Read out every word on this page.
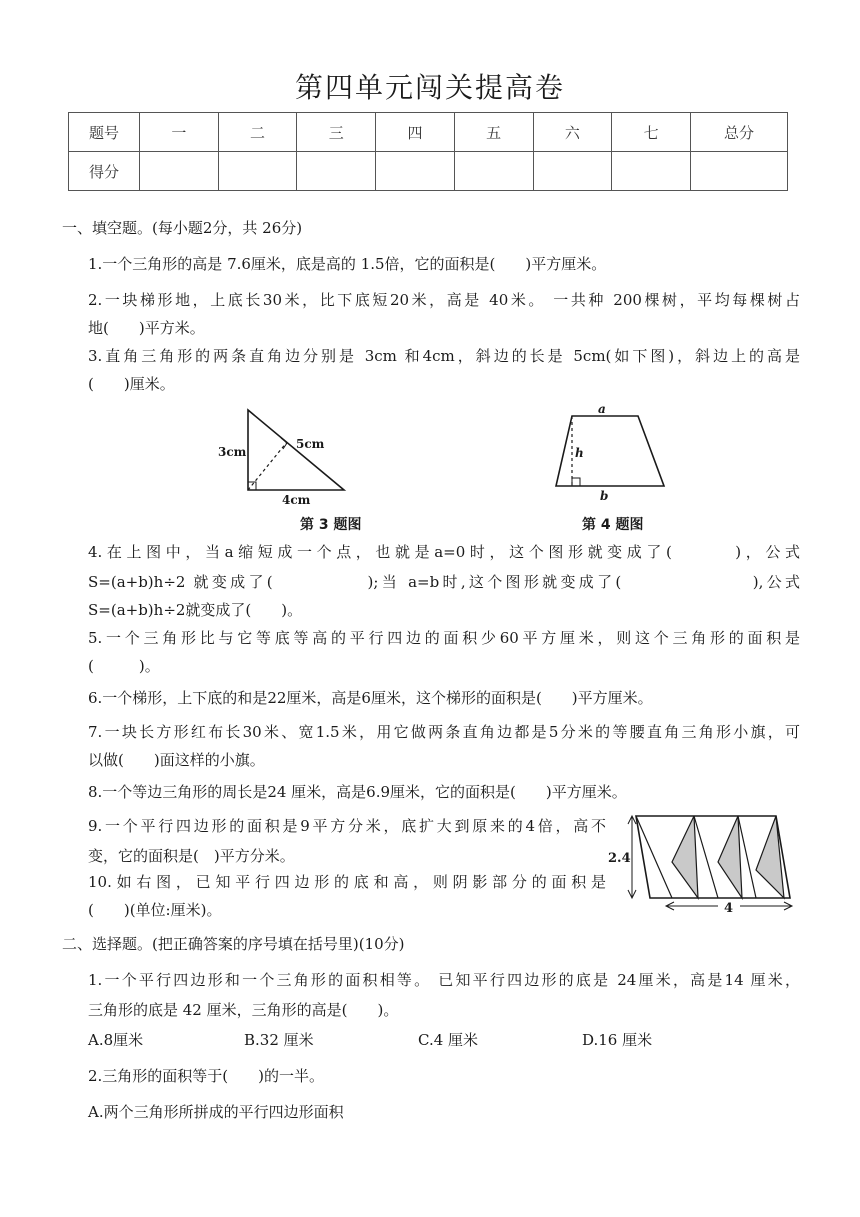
第四单元闯关提高卷
题号	一	二	三	四	五	六	七	总分
得分								
一、填空题。(每小题2分，共 26分)
1.一个三角形的高是 7.6厘米，底是高的 1.5倍，它的面积是(　　)平方厘米。
2.一块梯形地，上底长30米，比下底短20米，高是 40米。 一共种 200棵树，平均每棵树占
地(　　)平方米。
3.直角三角形的两条直角边分别是 3cm 和4cm，斜边的长是 5cm(如下图)，斜边上的高是
(　　)厘米。
3cm
5cm
4cm
第 3 题图
a
h
b
第 4 题图
4.在上图中，当a缩短成一个点，也就是a=0时，这个图形就变成了(　　　)，公式
S=(a+b)h÷2 就变成了(　　　　　);当 a=b时,这个图形就变成了(　　　　　　　),公式
S=(a+b)h÷2就变成了(　　)。
5.一个三角形比与它等底等高的平行四边的面积少60平方厘米，则这个三角形的面积是
(　　　)。
6.一个梯形，上下底的和是22厘米，高是6厘米，这个梯形的面积是(　　)平方厘米。
7.一块长方形红布长30米、宽1.5米，用它做两条直角边都是5分米的等腰直角三角形小旗，可
以做(　　)面这样的小旗。
8.一个等边三角形的周长是24 厘米，高是6.9厘米，它的面积是(　　)平方厘米。
9.一个平行四边形的面积是9平方分米，底扩大到原来的4倍，高不
变，它的面积是(　)平方分米。
10.如右图，已知平行四边形的底和高，则阴影部分的面积是
(　　)(单位:厘米)。
2.4
4
二、选择题。(把正确答案的序号填在括号里)(10分)
1.一个平行四边形和一个三角形的面积相等。 已知平行四边形的底是 24厘米，高是14 厘米，
三角形的底是 42 厘米，三角形的高是(　　)。
A.8厘米	B.32 厘米	C.4 厘米	D.16 厘米
2.三角形的面积等于(　　)的一半。
A.两个三角形所拼成的平行四边形面积
